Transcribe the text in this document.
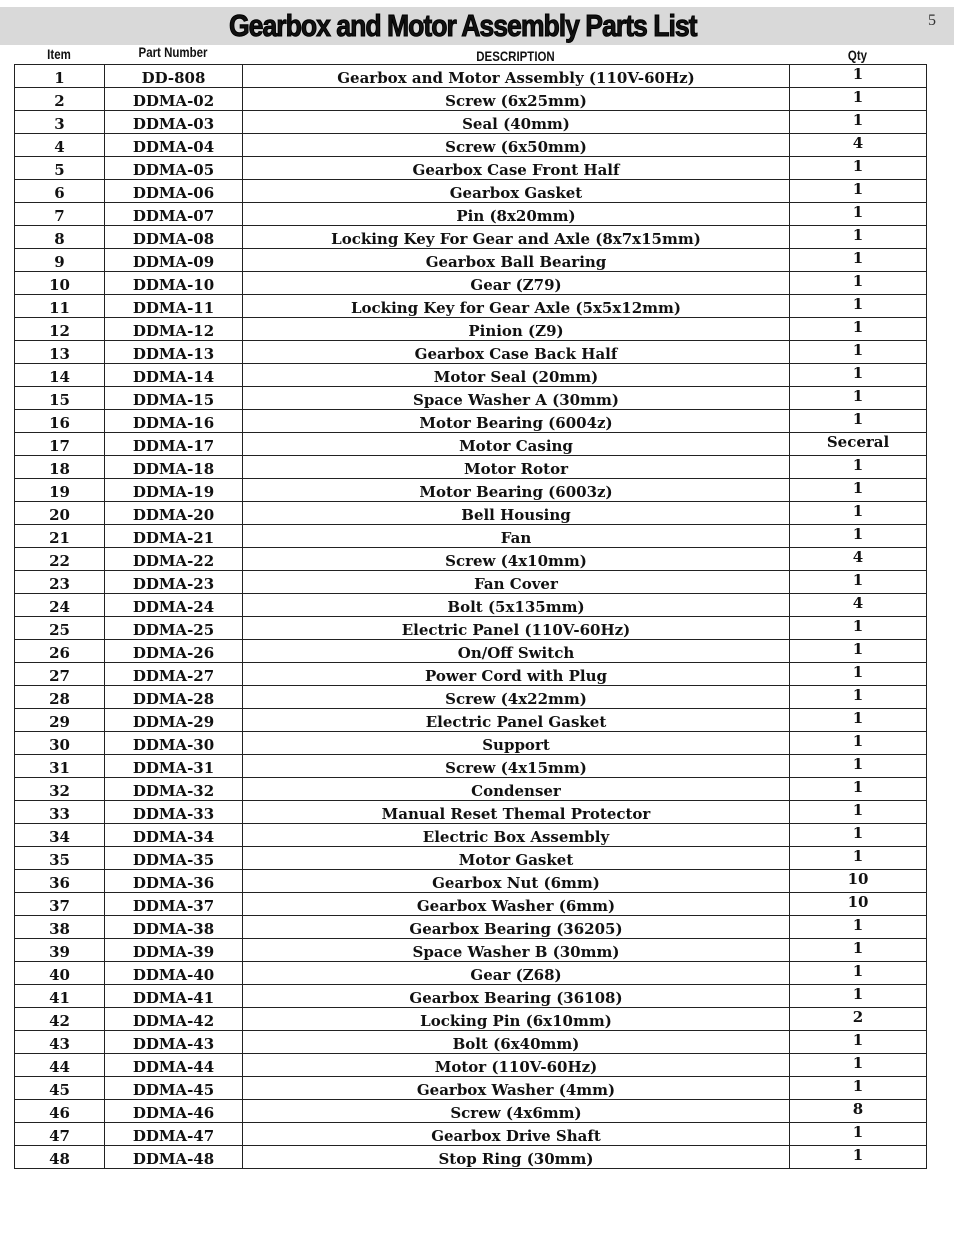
Gearbox and Motor Assembly Parts List	5
Item	Part Number	DESCRIPTION	Qty
1	DD-808	Gearbox and Motor Assembly (110V-60Hz)	1
2	DDMA-02	Screw (6x25mm)	1
3	DDMA-03	Seal (40mm)	1
4	DDMA-04	Screw (6x50mm)	4
5	DDMA-05	Gearbox Case Front Half	1
6	DDMA-06	Gearbox Gasket	1
7	DDMA-07	Pin (8x20mm)	1
8	DDMA-08	Locking Key For Gear and Axle (8x7x15mm)	1
9	DDMA-09	Gearbox Ball Bearing	1
10	DDMA-10	Gear (Z79)	1
11	DDMA-11	Locking Key for Gear Axle (5x5x12mm)	1
12	DDMA-12	Pinion (Z9)	1
13	DDMA-13	Gearbox Case Back Half	1
14	DDMA-14	Motor Seal (20mm)	1
15	DDMA-15	Space Washer A (30mm)	1
16	DDMA-16	Motor Bearing (6004z)	1
17	DDMA-17	Motor Casing	Seceral
18	DDMA-18	Motor Rotor	1
19	DDMA-19	Motor Bearing (6003z)	1
20	DDMA-20	Bell Housing	1
21	DDMA-21	Fan	1
22	DDMA-22	Screw (4x10mm)	4
23	DDMA-23	Fan Cover	1
24	DDMA-24	Bolt (5x135mm)	4
25	DDMA-25	Electric Panel (110V-60Hz)	1
26	DDMA-26	On/Off Switch	1
27	DDMA-27	Power Cord with Plug	1
28	DDMA-28	Screw (4x22mm)	1
29	DDMA-29	Electric Panel Gasket	1
30	DDMA-30	Support	1
31	DDMA-31	Screw (4x15mm)	1
32	DDMA-32	Condenser	1
33	DDMA-33	Manual Reset Themal Protector	1
34	DDMA-34	Electric Box Assembly	1
35	DDMA-35	Motor Gasket	1
36	DDMA-36	Gearbox Nut (6mm)	10
37	DDMA-37	Gearbox Washer (6mm)	10
38	DDMA-38	Gearbox Bearing (36205)	1
39	DDMA-39	Space Washer B (30mm)	1
40	DDMA-40	Gear (Z68)	1
41	DDMA-41	Gearbox Bearing (36108)	1
42	DDMA-42	Locking Pin (6x10mm)	2
43	DDMA-43	Bolt (6x40mm)	1
44	DDMA-44	Motor (110V-60Hz)	1
45	DDMA-45	Gearbox Washer (4mm)	1
46	DDMA-46	Screw (4x6mm)	8
47	DDMA-47	Gearbox Drive Shaft	1
48	DDMA-48	Stop Ring (30mm)	1
